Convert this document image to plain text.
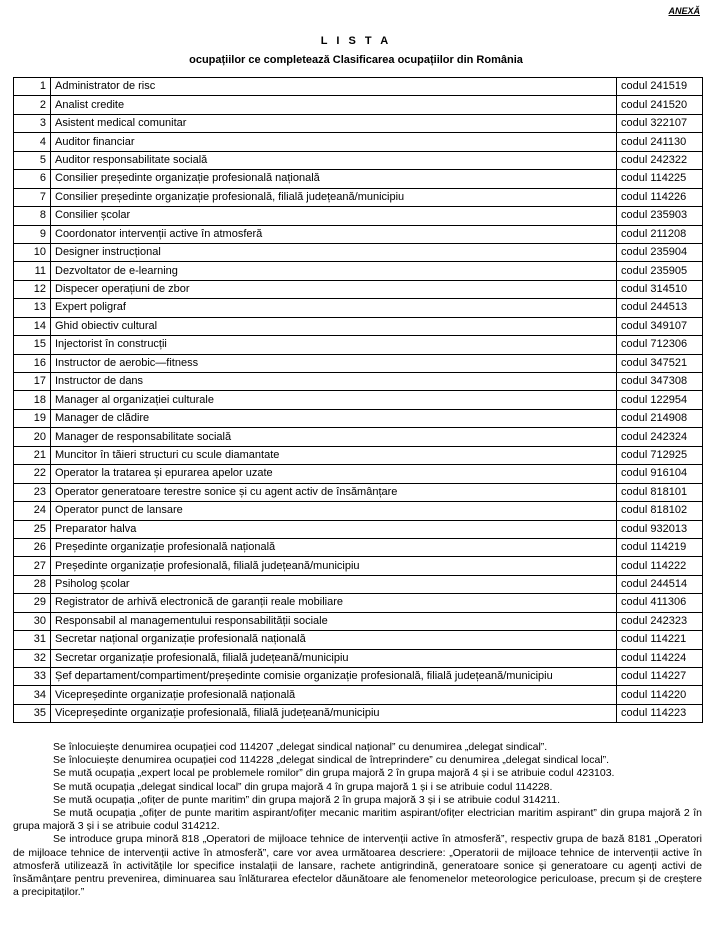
ANEXĂ
L I S T A
ocupațiilor ce completează Clasificarea ocupațiilor din România
1	Administrator de risc	codul 241519
2	Analist credite	codul 241520
3	Asistent medical comunitar	codul 322107
4	Auditor financiar	codul 241130
5	Auditor responsabilitate socială	codul 242322
6	Consilier președinte organizație profesională națională	codul 114225
7	Consilier președinte organizație profesională, filială județeană/municipiu	codul 114226
8	Consilier școlar	codul 235903
9	Coordonator intervenții active în atmosferă	codul 211208
10	Designer instrucțional	codul 235904
11	Dezvoltator de e-learning	codul 235905
12	Dispecer operațiuni de zbor	codul 314510
13	Expert poligraf	codul 244513
14	Ghid obiectiv cultural	codul 349107
15	Injectorist în construcții	codul 712306
16	Instructor de aerobic—fitness	codul 347521
17	Instructor de dans	codul 347308
18	Manager al organizației culturale	codul 122954
19	Manager de clădire	codul 214908
20	Manager de responsabilitate socială	codul 242324
21	Muncitor în tăieri structuri cu scule diamantate	codul 712925
22	Operator la tratarea și epurarea apelor uzate	codul 916104
23	Operator generatoare terestre sonice și cu agent activ de însămânțare	codul 818101
24	Operator punct de lansare	codul 818102
25	Preparator halva	codul 932013
26	Președinte organizație profesională națională	codul 114219
27	Președinte organizație profesională, filială județeană/municipiu	codul 114222
28	Psiholog școlar	codul 244514
29	Registrator de arhivă electronică de garanții reale mobiliare	codul 411306
30	Responsabil al managementului responsabilității sociale	codul 242323
31	Secretar național organizație profesională națională	codul 114221
32	Secretar organizație profesională, filială județeană/municipiu	codul 114224
33	Șef departament/compartiment/președinte comisie organizație profesională, filială județeană/municipiu	codul 114227
34	Vicepreședinte organizație profesională națională	codul 114220
35	Vicepreședinte organizație profesională, filială județeană/municipiu	codul 114223

Se înlocuiește denumirea ocupației cod 114207 „delegat sindical național” cu denumirea „delegat sindical”.

Se înlocuiește denumirea ocupației cod 114228 „delegat sindical de întreprindere” cu denumirea „delegat sindical local”.

Se mută ocupația „expert local pe problemele romilor” din grupa majoră 2 în grupa majoră 4 și i se atribuie codul 423103.

Se mută ocupația „delegat sindical local” din grupa majoră 4 în grupa majoră 1 și i se atribuie codul 114228.

Se mută ocupația „ofițer de punte maritim” din grupa majoră 2 în grupa majoră 3 și i se atribuie codul 314211.

Se mută ocupația „ofițer de punte maritim aspirant/ofițer mecanic maritim aspirant/ofițer electrician maritim aspirant” din grupa majoră 2 în grupa majoră 3 și i se atribuie codul 314212.

Se introduce grupa minoră 818 „Operatori de mijloace tehnice de intervenții active în atmosferă”, respectiv grupa de bază 8181 „Operatori de mijloace tehnice de intervenții active în atmosferă”, care vor avea următoarea descriere: „Operatorii de mijloace tehnice de intervenții active în atmosferă utilizează în activitățile lor specifice instalații de lansare, rachete antigrindină, generatoare sonice și generatoare cu agenți activi de însămânțare pentru prevenirea, diminuarea sau înlăturarea efectelor dăunătoare ale fenomenelor meteorologice periculoase, precum și de creștere a precipitaților.”
